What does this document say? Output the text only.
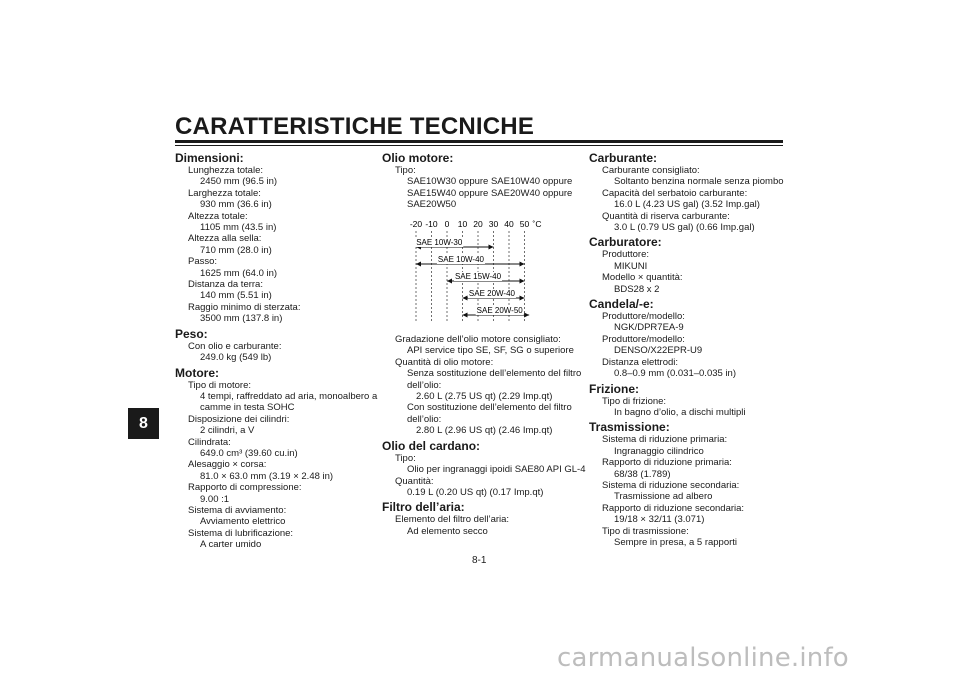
CARATTERISTICHE TECNICHE
8
Dimensioni:
Lunghezza totale:
2450 mm (96.5 in)
Larghezza totale:
930 mm (36.6 in)
Altezza totale:
1105 mm (43.5 in)
Altezza alla sella:
710 mm (28.0 in)
Passo:
1625 mm (64.0 in)
Distanza da terra:
140 mm (5.51 in)
Raggio minimo di sterzata:
3500 mm (137.8 in)
Peso:
Con olio e carburante:
249.0 kg (549 lb)
Motore:
Tipo di motore:
4 tempi, raffreddato ad aria, monoalbero a
camme in testa SOHC
Disposizione dei cilindri:
2 cilindri, a V
Cilindrata:
649.0 cm³ (39.60 cu.in)
Alesaggio × corsa:
81.0 × 63.0 mm (3.19 × 2.48 in)
Rapporto di compressione:
9.00 :1
Sistema di avviamento:
Avviamento elettrico
Sistema di lubrificazione:
A carter umido
Olio motore:
Tipo:
SAE10W30 oppure SAE10W40 oppure
SAE15W40 oppure SAE20W40 oppure
SAE20W50
-20 -10 0 10 20 30 40 50 ˚C
SAE 10W-30
SAE 10W-40
SAE 15W-40
SAE 20W-40
SAE 20W-50
Gradazione dell’olio motore consigliato:
API service tipo SE, SF, SG o superiore
Quantità di olio motore:
Senza sostituzione dell’elemento del filtro
dell’olio:
2.60 L (2.75 US qt) (2.29 Imp.qt)
Con sostituzione dell’elemento del filtro
dell’olio:
2.80 L (2.96 US qt) (2.46 Imp.qt)
Olio del cardano:
Tipo:
Olio per ingranaggi ipoidi SAE80 API GL-4
Quantità:
0.19 L (0.20 US qt) (0.17 Imp.qt)
Filtro dell’aria:
Elemento del filtro dell’aria:
Ad elemento secco
Carburante:
Carburante consigliato:
Soltanto benzina normale senza piombo
Capacità del serbatoio carburante:
16.0 L (4.23 US gal) (3.52 Imp.gal)
Quantità di riserva carburante:
3.0 L (0.79 US gal) (0.66 Imp.gal)
Carburatore:
Produttore:
MIKUNI
Modello × quantità:
BDS28 x 2
Candela/-e:
Produttore/modello:
NGK/DPR7EA-9
Produttore/modello:
DENSO/X22EPR-U9
Distanza elettrodi:
0.8–0.9 mm (0.031–0.035 in)
Frizione:
Tipo di frizione:
In bagno d’olio, a dischi multipli
Trasmissione:
Sistema di riduzione primaria:
Ingranaggio cilindrico
Rapporto di riduzione primaria:
68/38 (1.789)
Sistema di riduzione secondaria:
Trasmissione ad albero
Rapporto di riduzione secondaria:
19/18 × 32/11 (3.071)
Tipo di trasmissione:
Sempre in presa, a 5 rapporti
8-1
carmanualsonline.info
